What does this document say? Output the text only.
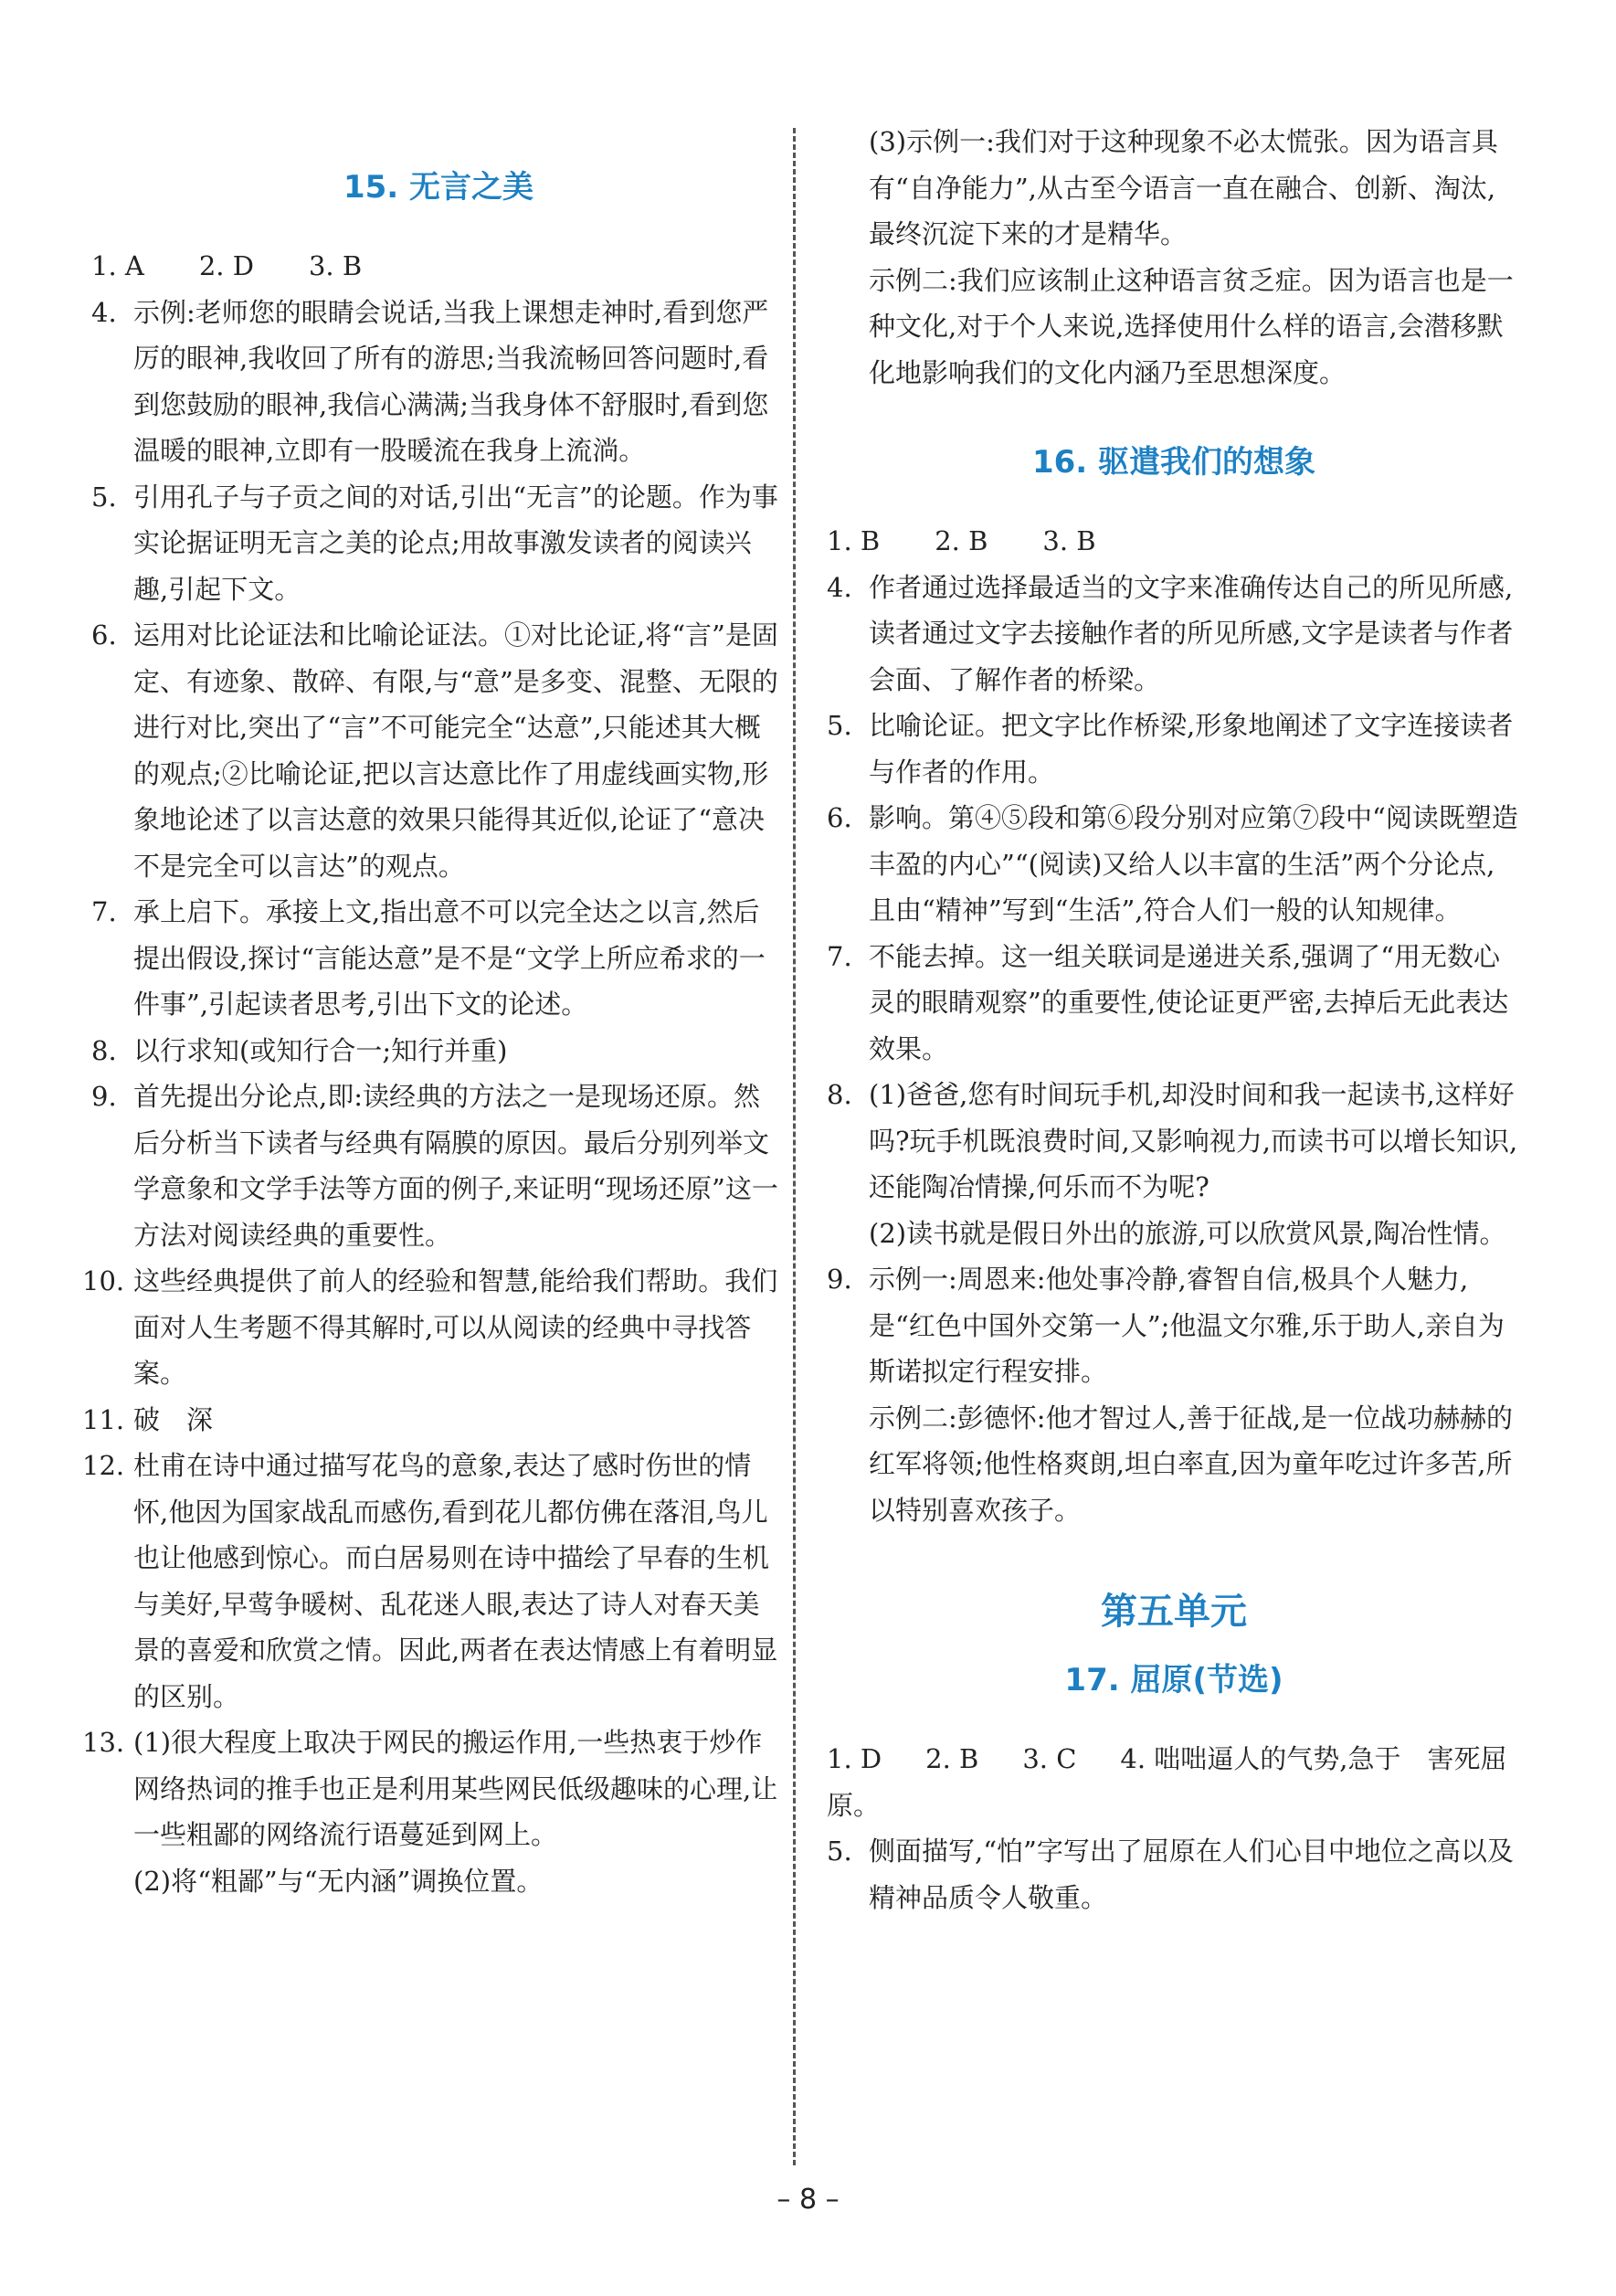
15. 无言之美
1. A 2. D 3. B
4. 示例:老师您的眼睛会说话,当我上课想走神时,看到您严厉的眼神,我收回了所有的游思;当我流畅回答问题时,看到您鼓励的眼神,我信心满满;当我身体不舒服时,看到您温暖的眼神,立即有一股暖流在我身上流淌。
5. 引用孔子与子贡之间的对话,引出“无言”的论题。作为事实论据证明无言之美的论点;用故事激发读者的阅读兴趣,引起下文。
6. 运用对比论证法和比喻论证法。①对比论证,将“言”是固定、有迹象、散碎、有限,与“意”是多变、混整、无限的进行对比,突出了“言”不可能完全“达意”,只能述其大概的观点;②比喻论证,把以言达意比作了用虚线画实物,形象地论述了以言达意的效果只能得其近似,论证了“意决不是完全可以言达”的观点。
7. 承上启下。承接上文,指出意不可以完全达之以言,然后提出假设,探讨“言能达意”是不是“文学上所应希求的一件事”,引起读者思考,引出下文的论述。
8. 以行求知(或知行合一;知行并重)
9. 首先提出分论点,即:读经典的方法之一是现场还原。然后分析当下读者与经典有隔膜的原因。最后分别列举文学意象和文学手法等方面的例子,来证明“现场还原”这一方法对阅读经典的重要性。
10. 这些经典提供了前人的经验和智慧,能给我们帮助。我们面对人生考题不得其解时,可以从阅读的经典中寻找答案。
11. 破　深
12. 杜甫在诗中通过描写花鸟的意象,表达了感时伤世的情怀,他因为国家战乱而感伤,看到花儿都仿佛在落泪,鸟儿也让他感到惊心。而白居易则在诗中描绘了早春的生机与美好,早莺争暖树、乱花迷人眼,表达了诗人对春天美景的喜爱和欣赏之情。因此,两者在表达情感上有着明显的区别。
13. (1)很大程度上取决于网民的搬运作用,一些热衷于炒作网络热词的推手也正是利用某些网民低级趣味的心理,让一些粗鄙的网络流行语蔓延到网上。
(2)将“粗鄙”与“无内涵”调换位置。
(3)示例一:我们对于这种现象不必太慌张。因为语言具有“自净能力”,从古至今语言一直在融合、创新、淘汰,最终沉淀下来的才是精华。
示例二:我们应该制止这种语言贫乏症。因为语言也是一种文化,对于个人来说,选择使用什么样的语言,会潜移默化地影响我们的文化内涵乃至思想深度。
16. 驱遣我们的想象
1. B 2. B 3. B
4. 作者通过选择最适当的文字来准确传达自己的所见所感,读者通过文字去接触作者的所见所感,文字是读者与作者会面、了解作者的桥梁。
5. 比喻论证。把文字比作桥梁,形象地阐述了文字连接读者与作者的作用。
6. 影响。第④⑤段和第⑥段分别对应第⑦段中“阅读既塑造丰盈的内心”“(阅读)又给人以丰富的生活”两个分论点,且由“精神”写到“生活”,符合人们一般的认知规律。
7. 不能去掉。这一组关联词是递进关系,强调了“用无数心灵的眼睛观察”的重要性,使论证更严密,去掉后无此表达效果。
8. (1)爸爸,您有时间玩手机,却没时间和我一起读书,这样好吗?玩手机既浪费时间,又影响视力,而读书可以增长知识,还能陶冶情操,何乐而不为呢?
(2)读书就是假日外出的旅游,可以欣赏风景,陶冶性情。
9. 示例一:周恩来:他处事冷静,睿智自信,极具个人魅力,是“红色中国外交第一人”;他温文尔雅,乐于助人,亲自为斯诺拟定行程安排。
示例二:彭德怀:他才智过人,善于征战,是一位战功赫赫的红军将领;他性格爽朗,坦白率直,因为童年吃过许多苦,所以特别喜欢孩子。
第五单元
17. 屈原(节选)
1. D 2. B 3. C 4. 咄咄逼人的气势,急于　害死屈原。
5. 侧面描写,“怕”字写出了屈原在人们心目中地位之高以及精神品质令人敬重。
– 8 –
